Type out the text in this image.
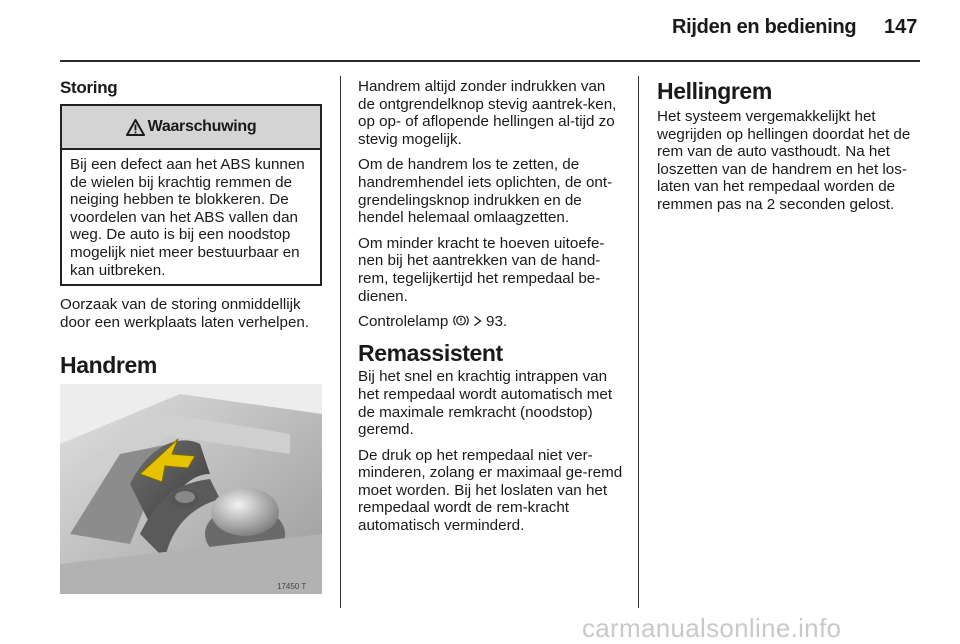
Rijden en bediening 147
Storing
Waarschuwing
Bij een defect aan het ABS kunnen de wielen bij krachtig remmen de neiging hebben te blokkeren. De voordelen van het ABS vallen dan weg. De auto is bij een noodstop mogelijk niet meer bestuurbaar en kan uitbreken.
Oorzaak van de storing onmiddellijk door een werkplaats laten verhelpen.
Handrem
17450 T

Handrem altijd zonder indrukken van de ontgrendelknop stevig aantrek-ken, op op- of aflopende hellingen al-tijd zo stevig mogelijk.

Om de handrem los te zetten, de handremhendel iets oplichten, de ont-grendelingsknop indrukken en de hendel helemaal omlaagzetten.

Om minder kracht te hoeven uitoefe-nen bij het aantrekken van de hand-rem, tegelijkertijd het rempedaal be-dienen.

Controlelamp 93.

Remassistent

Bij het snel en krachtig intrappen van het rempedaal wordt automatisch met de maximale remkracht (noodstop) geremd.

De druk op het rempedaal niet ver-minderen, zolang er maximaal ge-remd moet worden. Bij het loslaten van het rempedaal wordt de rem-kracht automatisch verminderd.

Hellingrem
Het systeem vergemakkelijkt het wegrijden op hellingen doordat het de rem van de auto vasthoudt. Na het loszetten van de handrem en het los-laten van het rempedaal worden de remmen pas na 2 seconden gelost.
carmanualsonline.info
